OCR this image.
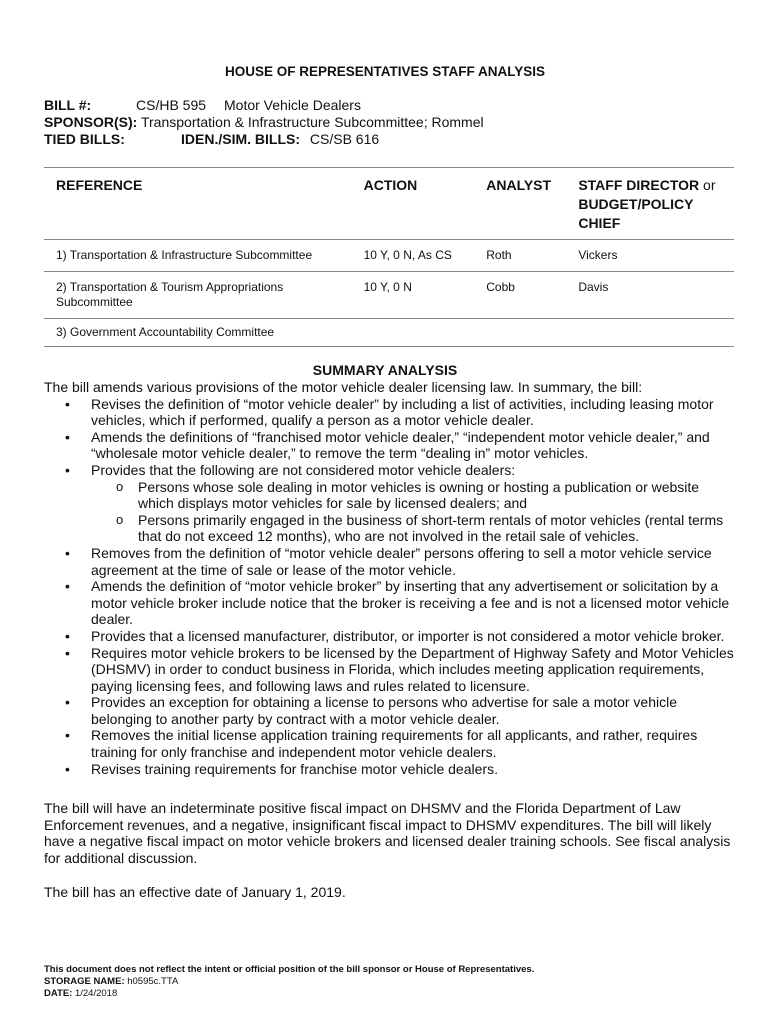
HOUSE OF REPRESENTATIVES STAFF ANALYSIS
BILL #:	CS/HB 595 Motor Vehicle Dealers
SPONSOR(S): Transportation & Infrastructure Subcommittee; Rommel
TIED BILLS:	IDEN./SIM. BILLS: CS/SB 616
REFERENCE	ACTION	ANALYST	STAFF DIRECTOR or
BUDGET/POLICY CHIEF
1) Transportation & Infrastructure Subcommittee	10 Y, 0 N, As CS	Roth	Vickers
2) Transportation & Tourism Appropriations Subcommittee	10 Y, 0 N	Cobb	Davis
3) Government Accountability Committee			
SUMMARY ANALYSIS

The bill amends various provisions of the motor vehicle dealer licensing law. In summary, the bill:

• Revises the definition of “motor vehicle dealer” by including a list of activities, including leasing motor vehicles, which if performed, qualify a person as a motor vehicle dealer.
• Amends the definitions of “franchised motor vehicle dealer,” “independent motor vehicle dealer,” and “wholesale motor vehicle dealer,” to remove the term “dealing in” motor vehicles.
• Provides that the following are not considered motor vehicle dealers:
o Persons whose sole dealing in motor vehicles is owning or hosting a publication or website which displays motor vehicles for sale by licensed dealers; and
o Persons primarily engaged in the business of short-term rentals of motor vehicles (rental terms that do not exceed 12 months), who are not involved in the retail sale of vehicles.
• Removes from the definition of “motor vehicle dealer” persons offering to sell a motor vehicle service agreement at the time of sale or lease of the motor vehicle.
• Amends the definition of “motor vehicle broker” by inserting that any advertisement or solicitation by a motor vehicle broker include notice that the broker is receiving a fee and is not a licensed motor vehicle dealer.
• Provides that a licensed manufacturer, distributor, or importer is not considered a motor vehicle broker.
• Requires motor vehicle brokers to be licensed by the Department of Highway Safety and Motor Vehicles (DHSMV) in order to conduct business in Florida, which includes meeting application requirements, paying licensing fees, and following laws and rules related to licensure.
• Provides an exception for obtaining a license to persons who advertise for sale a motor vehicle belonging to another party by contract with a motor vehicle dealer.
• Removes the initial license application training requirements for all applicants, and rather, requires training for only franchise and independent motor vehicle dealers.
• Revises training requirements for franchise motor vehicle dealers.

The bill will have an indeterminate positive fiscal impact on DHSMV and the Florida Department of Law Enforcement revenues, and a negative, insignificant fiscal impact to DHSMV expenditures. The bill will likely have a negative fiscal impact on motor vehicle brokers and licensed dealer training schools. See fiscal analysis for additional discussion.

The bill has an effective date of January 1, 2019.

This document does not reflect the intent or official position of the bill sponsor or House of Representatives.
STORAGE NAME: h0595c.TTA
DATE: 1/24/2018
